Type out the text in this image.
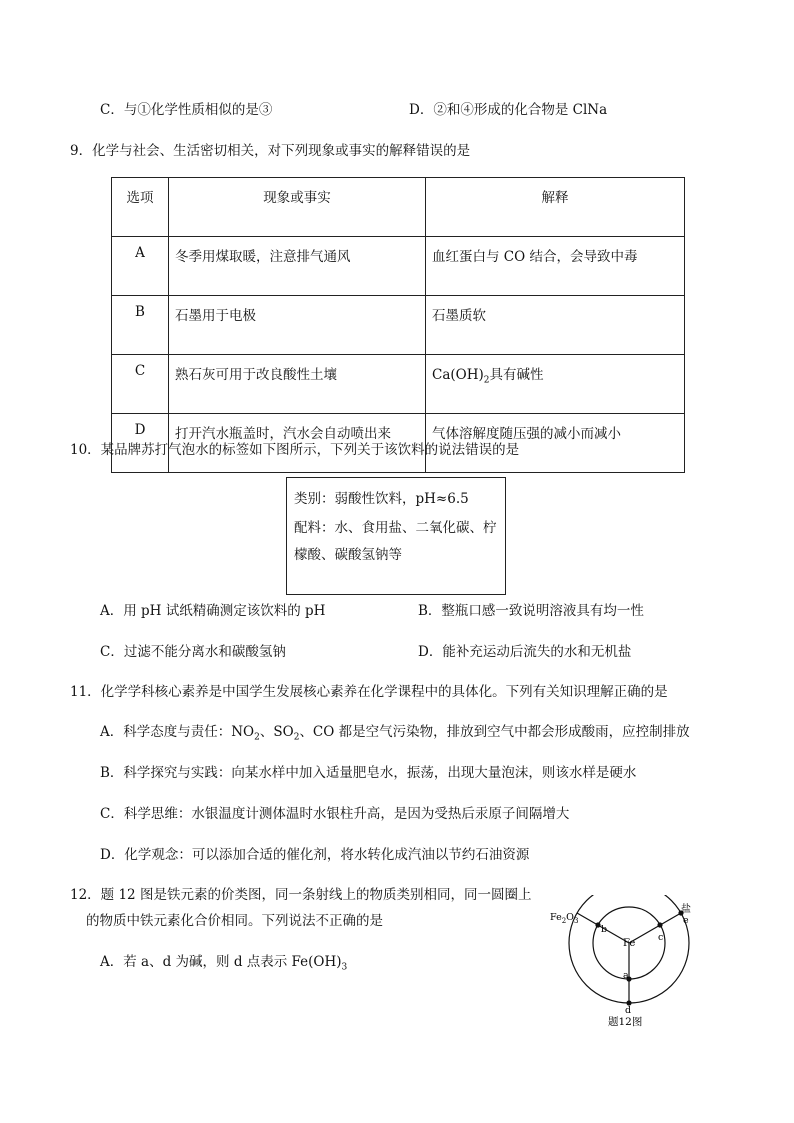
C．与①化学性质相似的是③	D．②和④形成的化合物是 ClNa
9．化学与社会、生活密切相关，对下列现象或事实的解释错误的是
选项	现象或事实	解释
A	冬季用煤取暖，注意排气通风	血红蛋白与 CO 结合，会导致中毒
B	石墨用于电极	石墨质软
C	熟石灰可用于改良酸性土壤	$Ca(OH)_2$具有碱性
D	打开汽水瓶盖时，汽水会自动喷出来	气体溶解度随压强的减小而减小
10．某品牌苏打气泡水的标签如下图所示，下列关于该饮料的说法错误的是

类别：弱酸性饮料，pH≈6.5

配料：水、食用盐、二氧化碳、柠檬酸、碳酸氢钠等

A．用 pH 试纸精确测定该饮料的 pH	B．整瓶口感一致说明溶液具有均一性
C．过滤不能分离水和碳酸氢钠	D．能补充运动后流失的水和无机盐
11．化学学科核心素养是中国学生发展核心素养在化学课程中的具体化。下列有关知识理解正确的是
A．科学态度与责任：$NO_2$、$SO_2$、CO 都是空气污染物，排放到空气中都会形成酸雨，应控制排放
B．科学探究与实践：向某水样中加入适量肥皂水，振荡，出现大量泡沫，则该水样是硬水
C．科学思维：水银温度计测体温时水银柱升高，是因为受热后汞原子间隔增大
D．化学观念：可以添加合适的催化剂，将水转化成汽油以节约石油资源
12．题 12 图是铁元素的价类图，同一条射线上的物质类别相同，同一圆圈上
的物质中铁元素化合价相同。下列说法不正确的是
A．若 a、d 为碱，则 d 点表示 $Fe(OH)_3$
$Fe_2O_3$
盐
Fe
b
c
e
a
d
题12图
